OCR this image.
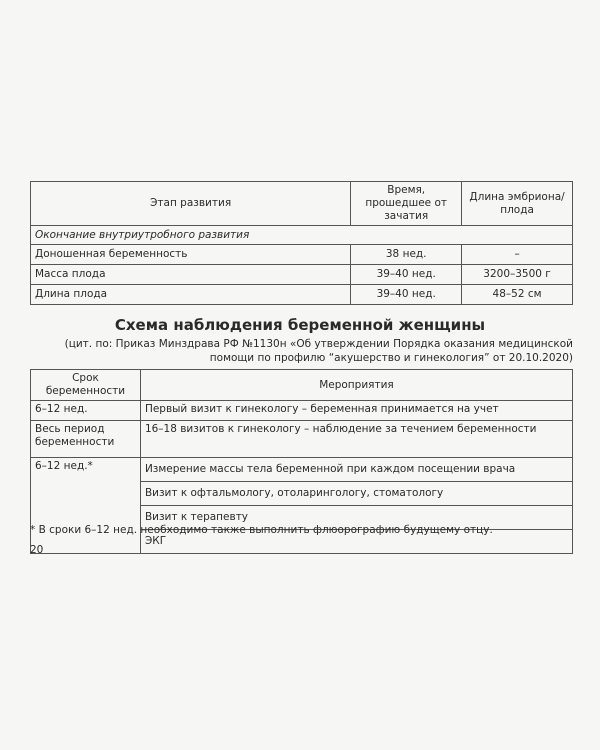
Этап развития	Время, прошедшее от зачатия	Длина эмбриона/ плода
Окончание внутриутробного развития		
Доношенная беременность	38 нед.	–
Масса плода	39–40 нед.	3200–3500 г
Длина плода	39–40 нед.	48–52 см
Схема наблюдения беременной женщины

(цит. по: Приказ Минздрава РФ №1130н «Об утверждении Порядка оказания медицинской помощи по профилю “акушерство и гинекология” от 20.10.2020)

Срок беременности	Мероприятия
6–12 нед.	Первый визит к гинекологу – беременная принимается на учет
Весь период беременности	16–18 визитов к гинекологу – наблюдение за течением беременности
6–12 нед.*	Измерение массы тела беременной при каждом посещении врача
	Визит к офтальмологу, отоларингологу, стоматологу
	Визит к терапевту
	ЭКГ

* В сроки 6–12 нед. необходимо также выполнить флюорографию будущему отцу.

20
